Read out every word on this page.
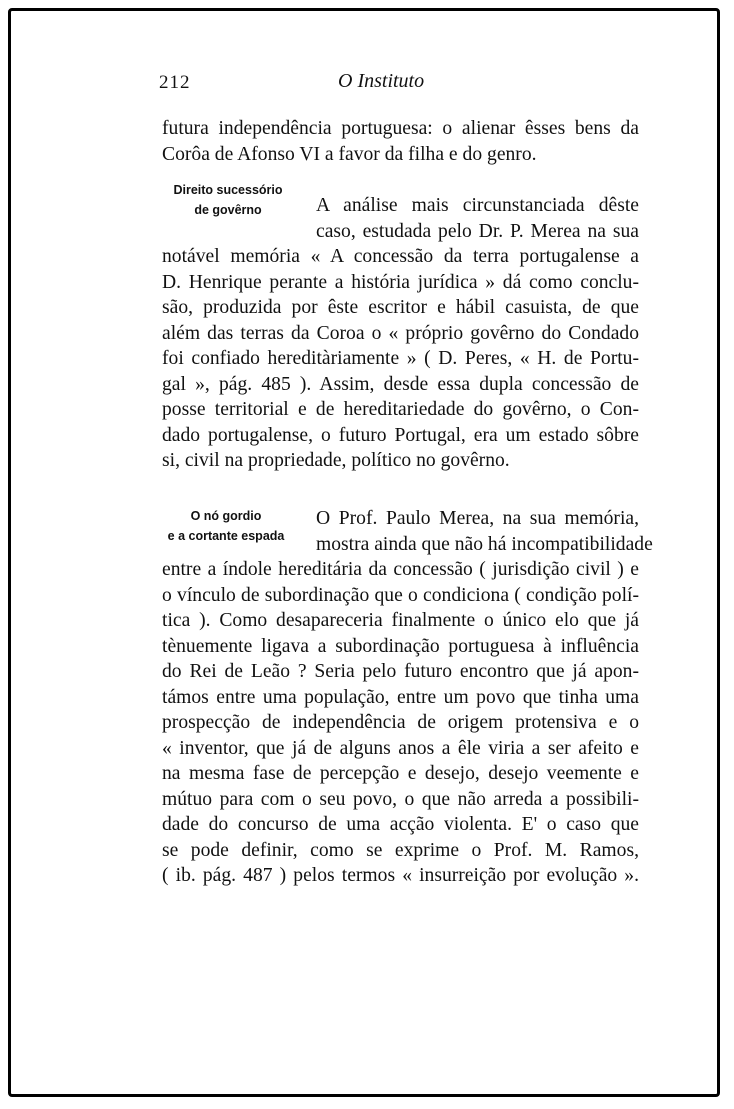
212	O Instituto
futura independência portuguesa: o alienar êsses bens da
Corôa de Afonso VI a favor da filha e do genro.
Direito sucessório
de govêrno	A análise mais circunstanciada dêste
caso, estudada pelo Dr. P. Merea na sua
notável memória « A concessão da terra portugalense a
D. Henrique perante a história jurídica » dá como conclu-
são, produzida por êste escritor e hábil casuista, de que
além das terras da Coroa o « próprio govêrno do Condado
foi confiado hereditàriamente » ( D. Peres, « H. de Portu-
gal », pág. 485 ). Assim, desde essa dupla concessão de
posse territorial e de hereditariedade do govêrno, o Con-
dado portugalense, o futuro Portugal, era um estado sôbre
si, civil na propriedade, político no govêrno.
O nó gordio
e a cortante espada
O Prof. Paulo Merea, na sua memória,
mostra ainda que não há incompatibilidade
entre a índole hereditária da concessão ( jurisdição civil ) e
o vínculo de subordinação que o condiciona ( condição polí-
tica ). Como desapareceria finalmente o único elo que já
tènuemente ligava a subordinação portuguesa à influência
do Rei de Leão ? Seria pelo futuro encontro que já apon-
támos entre uma população, entre um povo que tinha uma
prospecção de independência de origem protensiva e o
« inventor, que já de alguns anos a êle viria a ser afeito e
na mesma fase de percepção e desejo, desejo veemente e
mútuo para com o seu povo, o que não arreda a possibili-
dade do concurso de uma acção violenta. E' o caso que
se pode definir, como se exprime o Prof. M. Ramos,
( ib. pág. 487 ) pelos termos « insurreição por evolução ».
